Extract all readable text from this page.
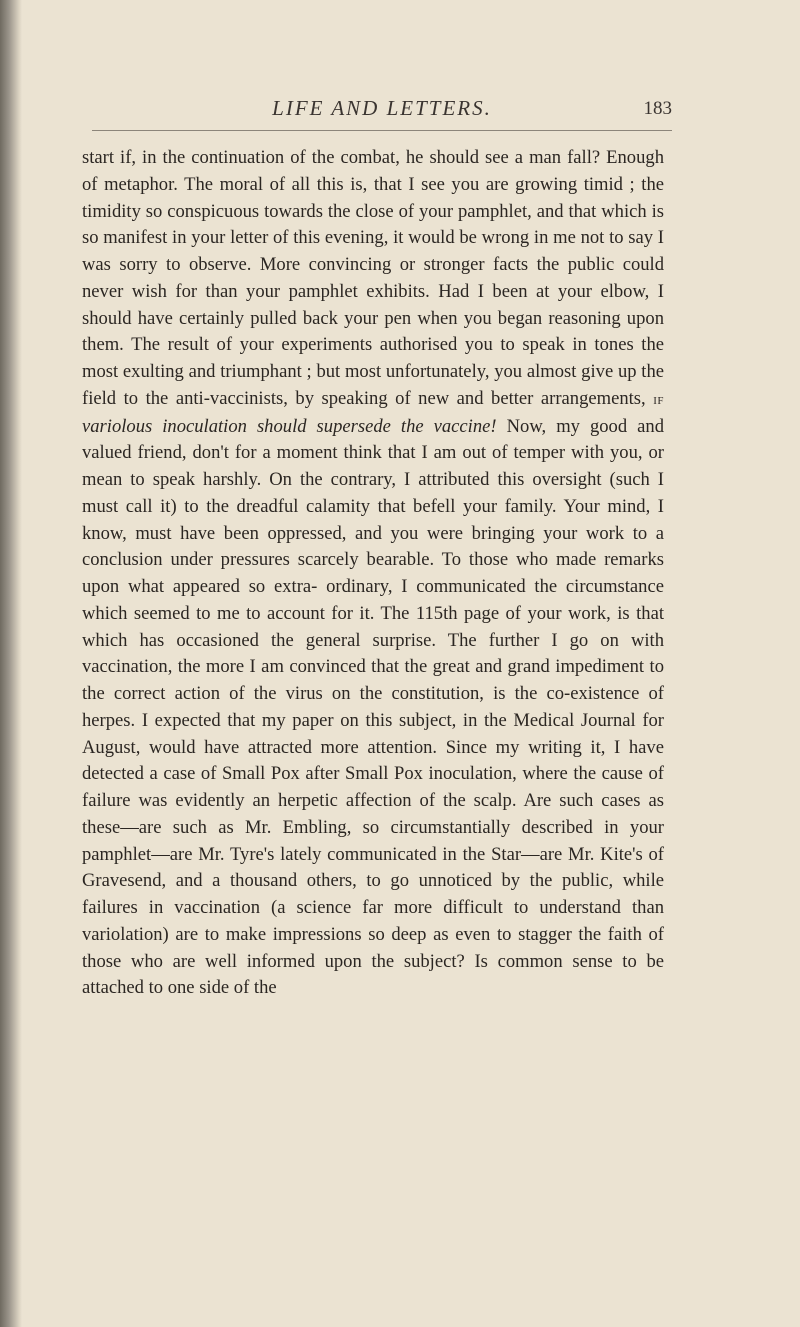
LIFE AND LETTERS.	183

start if, in the continuation of the combat, he should see a man fall? Enough of metaphor. The moral of all this is, that I see you are growing timid ; the timidity so conspicuous towards the close of your pamphlet, and that which is so manifest in your letter of this evening, it would be wrong in me not to say I was sorry to observe. More convincing or stronger facts the public could never wish for than your pamphlet exhibits. Had I been at your elbow, I should have certainly pulled back your pen when you began reasoning upon them. The result of your experiments authorised you to speak in tones the most exulting and triumphant ; but most unfortunately, you almost give up the field to the anti-vaccinists, by speaking of new and better arrangements, if variolous inoculation should supersede the vaccine! Now, my good and valued friend, don't for a moment think that I am out of temper with you, or mean to speak harshly. On the contrary, I attributed this oversight (such I must call it) to the dreadful calamity that befell your family. Your mind, I know, must have been oppressed, and you were bringing your work to a conclusion under pressures scarcely bearable. To those who made remarks upon what appeared so extra- ordinary, I communicated the circumstance which seemed to me to account for it. The 115th page of your work, is that which has occasioned the general surprise. The further I go on with vaccination, the more I am convinced that the great and grand impediment to the correct action of the virus on the constitution, is the co-existence of herpes. I expected that my paper on this subject, in the Medical Journal for August, would have attracted more attention. Since my writing it, I have detected a case of Small Pox after Small Pox inoculation, where the cause of failure was evidently an herpetic affection of the scalp. Are such cases as these—are such as Mr. Embling, so circumstantially described in your pamphlet—are Mr. Tyre's lately communicated in the Star—are Mr. Kite's of Gravesend, and a thousand others, to go unnoticed by the public, while failures in vaccination (a science far more difficult to understand than variolation) are to make impressions so deep as even to stagger the faith of those who are well informed upon the subject? Is common sense to be attached to one side of the
